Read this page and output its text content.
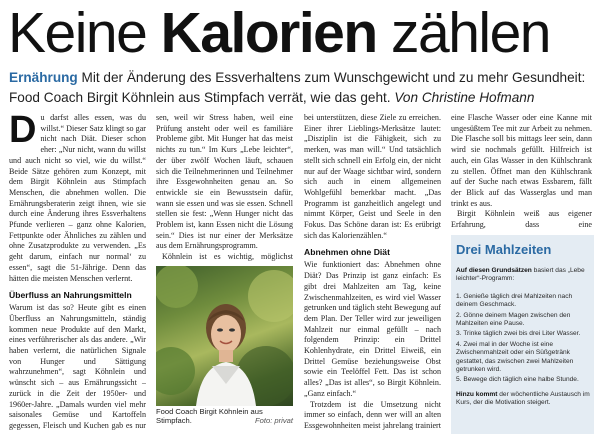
Keine Kalorien zählen
Ernährung Mit der Änderung des Essverhaltens zum Wunschgewicht und zu mehr Gesundheit: Food Coach Birgit Köhnlein aus Stimpfach verrät, wie das geht. Von Christine Hofmann

Du darfst alles essen, was du willst.“ Dieser Satz klingt so gar nicht nach Diät. Dieser schon eher: „Nur nicht, wann du willst und auch nicht so viel, wie du willst.“ Beide Sätze gehören zum Konzept, mit dem Birgit Köhnlein aus Stimpfach Menschen, die abnehmen wollen. Die Ernährungsberaterin zeigt ihnen, wie sie durch eine Änderung ihres Essverhaltens Pfunde verlieren – ganz ohne Kalorien, Fettpunkte oder Ähnliches zu zählen und ohne Zusatzprodukte zu verwenden. „Es geht darum, einfach nur normal‘ zu essen“, sagt die 51-Jährige. Denn das hätten die meisten Menschen verlernt.

Überfluss an Nahrungsmitteln

Warum ist das so? Heute gibt es einen Überfluss an Nahrungsmitteln, ständig kommen neue Produkte auf den Markt, eines verführerischer als das andere. „Wir haben verlernt, die natürlichen Signale von Hunger und Sättigung wahrzunehmen“, sagt Köhnlein und wünscht sich – aus Ernährungssicht – zurück in die Zeit der 1950er- und 1960er-Jahre. „Damals wurden viel mehr saisonales Gemüse und Kartoffeln gegessen, Fleisch und Kuchen gab es nur

sen, weil wir Stress haben, weil eine Prüfung ansteht oder weil es familiäre Probleme gibt. Mit Hunger hat das meist nichts zu tun.“ Im Kurs „Lebe leichter“, der über zwölf Wochen läuft, schauen sich die Teilnehmerinnen und Teilnehmer ihre Essgewohnheiten genau an. So entwickle sie ein Bewusstsein dafür, wann sie essen und was sie essen. Schnell stellen sie fest: „Wenn Hunger nicht das Problem ist, kann Essen nicht die Lösung sein.“ Dies ist nur einer der Merksätze aus dem Ernährungsprogramm.

Köhnlein ist es wichtig, möglichst

Food Coach Birgit Köhnlein aus Stimpfach.	Foto: privat

bei unterstützen, diese Ziele zu erreichen. Einer ihrer Lieblings-Merksätze lautet: „Disziplin ist die Fähigkeit, sich zu merken, was man will.“ Und tatsächlich stellt sich schnell ein Erfolg ein, der nicht nur auf der Waage sichtbar wird, sondern sich auch in einem allgemeinen Wohlgefühl bemerkbar macht. „Das Programm ist ganzheitlich angelegt und nimmt Körper, Geist und Seele in den Fokus. Das Schöne daran ist: Es erübrigt sich das Kalorienzählen.“

Abnehmen ohne Diät

Wie funktioniert das: Abnehmen ohne Diät? Das Prinzip ist ganz einfach: Es gibt drei Mahlzeiten am Tag, keine Zwischenmahlzeiten, es wird viel Wasser getrunken und täglich steht Bewegung auf dem Plan. Der Teller wird zur jeweiligen Mahlzeit nur einmal gefüllt – nach folgendem Prinzip: ein Drittel Kohlenhydrate, ein Drittel Eiweiß, ein Drittel Gemüse beziehungsweise Obst sowie ein Teelöffel Fett. Das ist schon alles? „Das ist alles“, so Birgit Köhnlein. „Ganz einfach.“

Trotzdem ist die Umsetzung nicht immer so einfach, denn wer will an alten Essgewohnheiten meist jahrelang trainiert

eine Flasche Wasser oder eine Kanne mit ungesüßtem Tee mit zur Arbeit zu nehmen. Die Flasche soll bis mittags leer sein, dann wird sie nochmals gefüllt. Hilfreich ist auch, ein Glas Wasser in den Kühlschrank zu stellen. Öffnet man den Kühlschrank auf der Suche nach etwas Essbarem, fällt der Blick auf das Wasserglas und man trinkt es aus.

Birgit Köhnlein weiß aus eigener Erfahrung, dass eine

Drei Mahlzeiten
Auf diesen Grundsätzen basiert das „Lebe leichter“-Programm:
1. Genieße täglich drei Mahlzeiten nach deinem Geschmack.
2. Gönne deinem Magen zwischen den Mahlzeiten eine Pause.
3. Trinke täglich zwei bis drei Liter Wasser.
4. Zwei mal in der Woche ist eine Zwischenmahlzeit oder ein Süßgetränk gestattet, das zwischen zwei Mahlzeiten getrunken wird.
5. Bewege dich täglich eine halbe Stunde.
Hinzu kommt der wöchentliche Austausch im Kurs, der die Motivation steigert.
